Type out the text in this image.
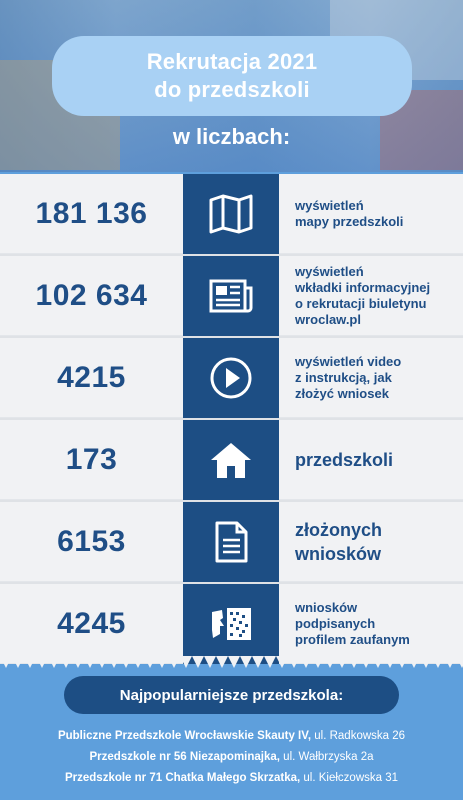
Rekrutacja 2021
do przedszkoli
w liczbach:
181 136	wyświetleń
mapy przedszkoli
102 634
wyświetleń
wkładki informacyjnej
o rekrutacji biuletynu
wroclaw.pl
4215	wyświetleń video
z instrukcją, jak
złożyć wniosek
173	przedszkoli
6153	złożonych
wniosków
4245	wniosków
podpisanych
profilem zaufanym
Najpopularniejsze przedszkola:
Publiczne Przedszkole Wrocławskie Skauty IV, ul. Radkowska 26
Przedszkole nr 56 Niezapominajka, ul. Wałbrzyska 2a
Przedszkole nr 71 Chatka Małego Skrzatka, ul. Kiełczowska 31
